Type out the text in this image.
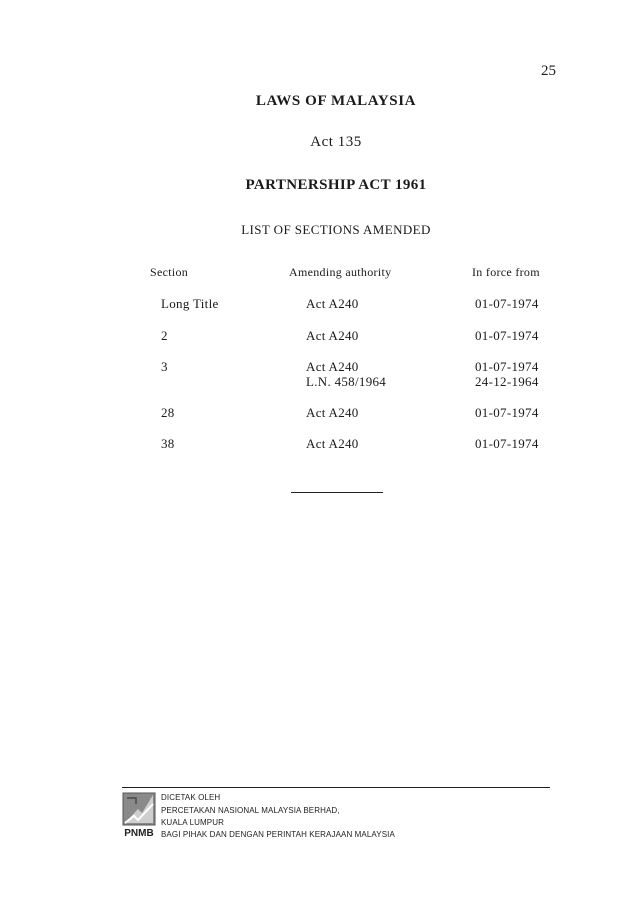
25
LAWS OF MALAYSIA
Act 135
PARTNERSHIP ACT 1961
LIST OF SECTIONS AMENDED
Section	Amending authority	In force from
Long Title	Act A240	01-07-1974
2	Act A240	01-07-1974
3	Act A240	01-07-1974
L.N. 458/1964	24-12-1964
28	Act A240	01-07-1974
38	Act A240	01-07-1974
PNMB
DICETAK OLEH
PERCETAKAN NASIONAL MALAYSIA BERHAD,
KUALA LUMPUR
BAGI PIHAK DAN DENGAN PERINTAH KERAJAAN MALAYSIA
